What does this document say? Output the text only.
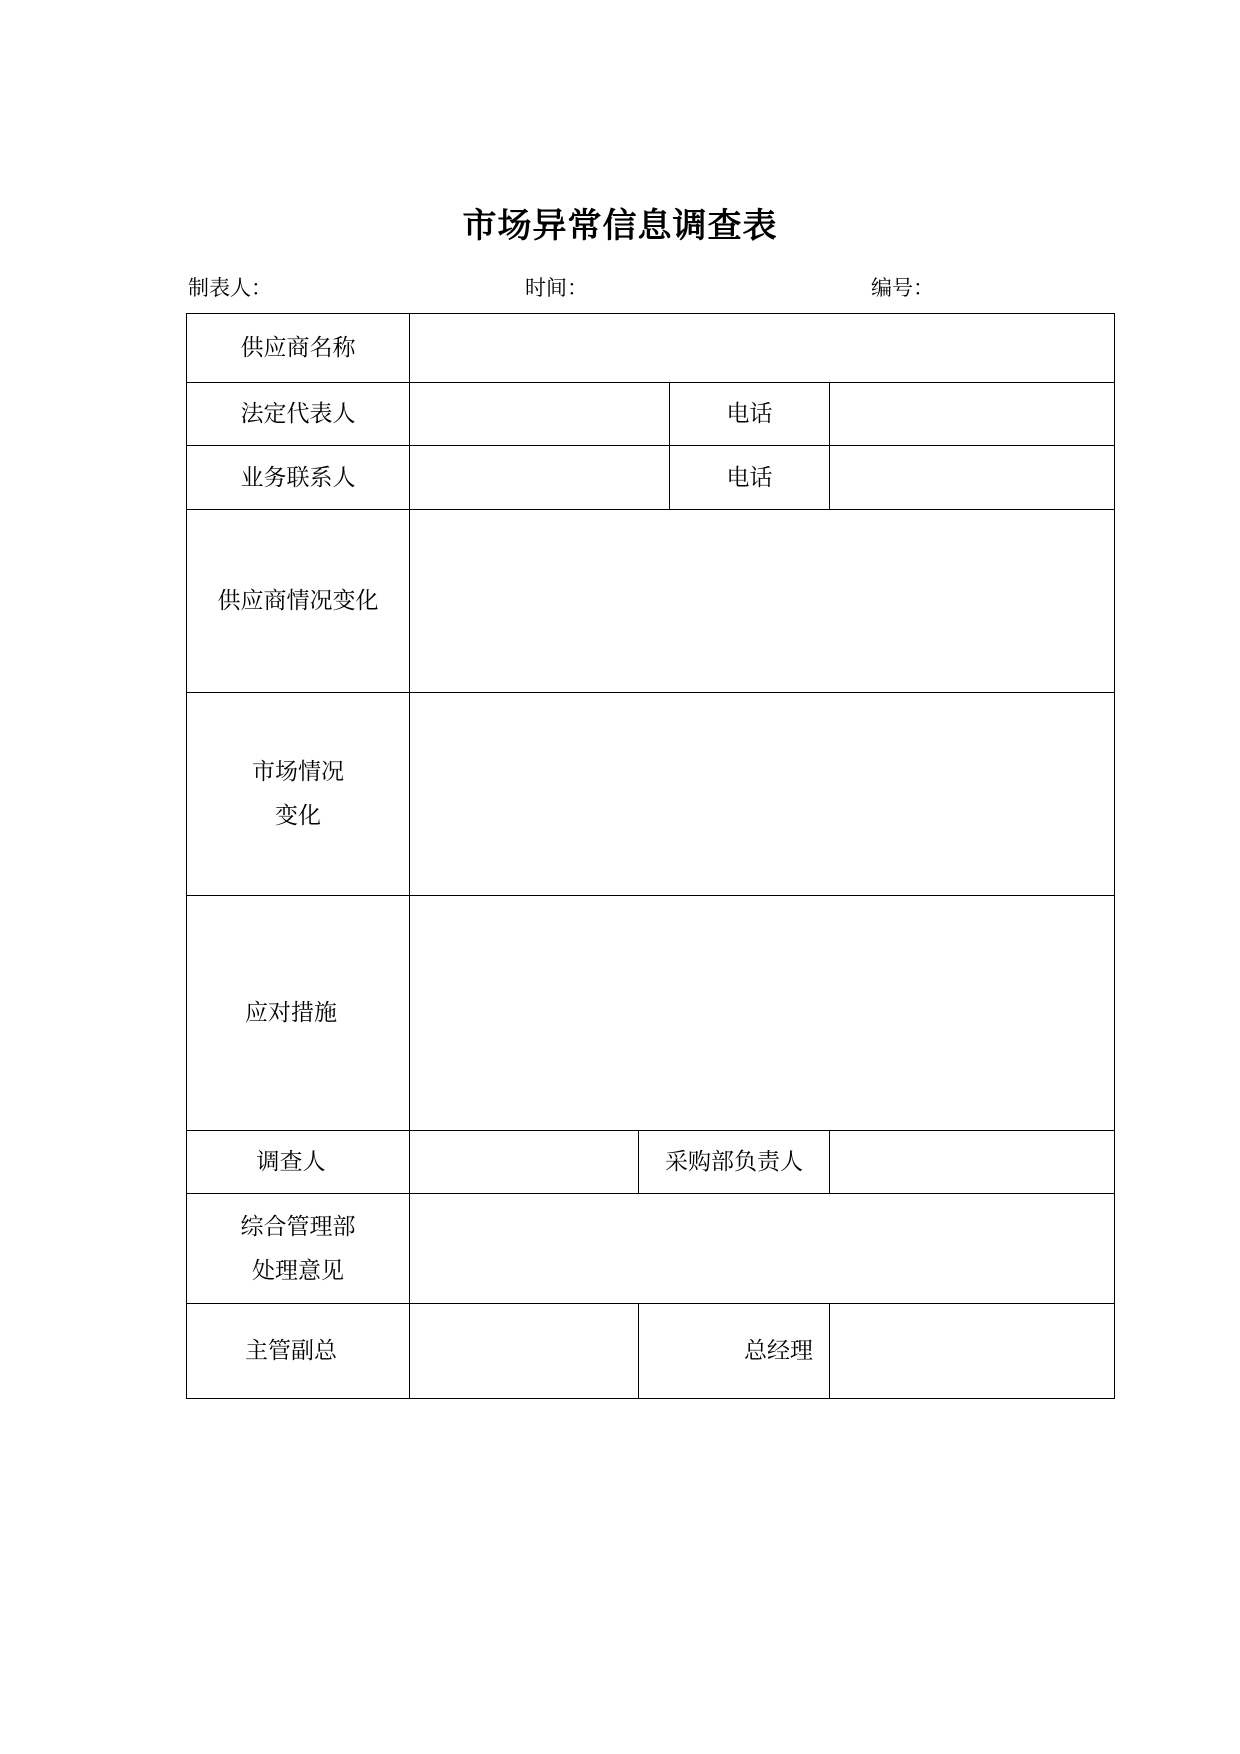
市场异常信息调查表
制表人：	时间：	编号：
供应商名称
法定代表人	电话
业务联系人	电话
供应商情况变化
市场情况
变化
应对措施
调查人	采购部负责人
综合管理部
处理意见
主管副总	总经理
